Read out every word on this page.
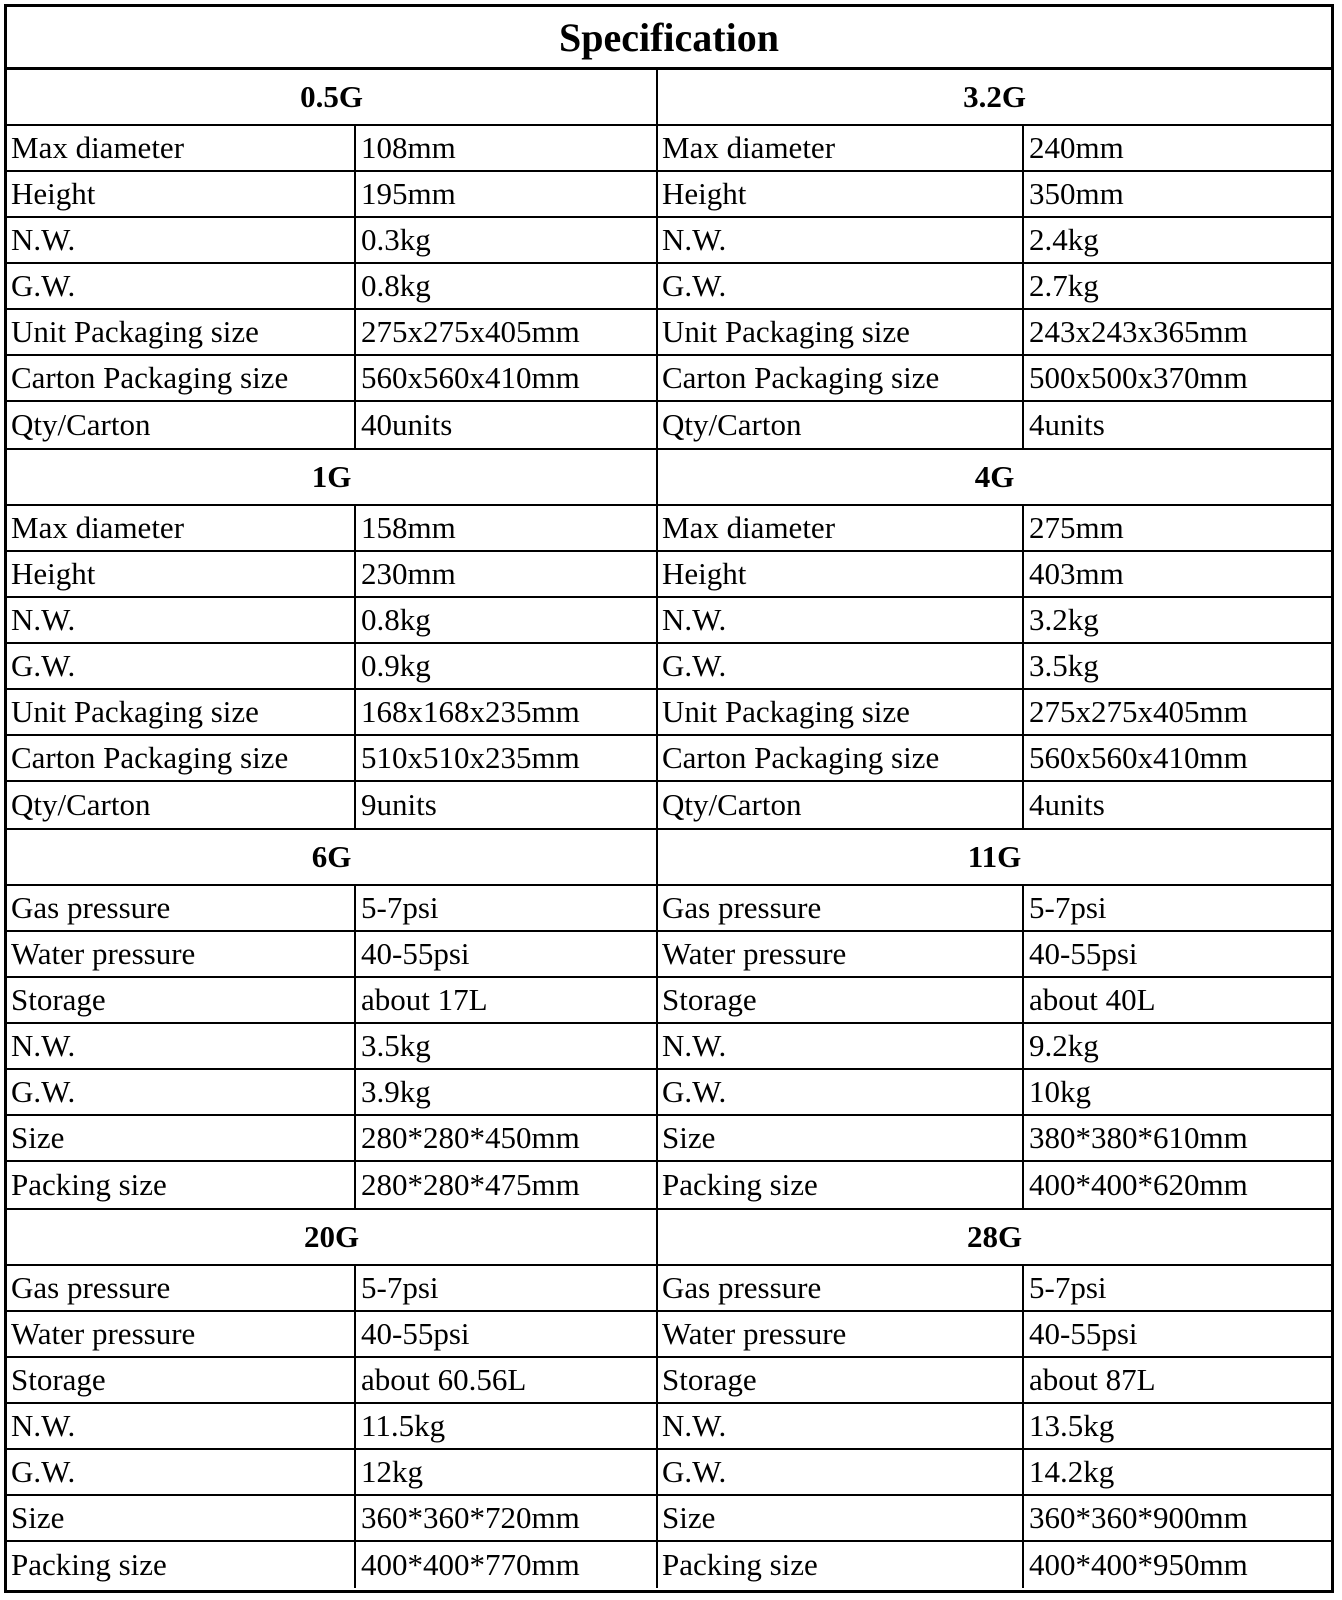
Specification
0.5G
Max diameter	108mm
Height	195mm
N.W.	0.3kg
G.W.	0.8kg
Unit Packaging size	275x275x405mm
Carton Packaging size	560x560x410mm
Qty/Carton	40units
3.2G
Max diameter	240mm
Height	350mm
N.W.	2.4kg
G.W.	2.7kg
Unit Packaging size	243x243x365mm
Carton Packaging size	500x500x370mm
Qty/Carton	4units
1G
Max diameter	158mm
Height	230mm
N.W.	0.8kg
G.W.	0.9kg
Unit Packaging size	168x168x235mm
Carton Packaging size	510x510x235mm
Qty/Carton	9units
4G
Max diameter	275mm
Height	403mm
N.W.	3.2kg
G.W.	3.5kg
Unit Packaging size	275x275x405mm
Carton Packaging size	560x560x410mm
Qty/Carton	4units
6G
Gas pressure	5-7psi
Water pressure	40-55psi
Storage	about 17L
N.W.	3.5kg
G.W.	3.9kg
Size	280*280*450mm
Packing size	280*280*475mm
11G
Gas pressure	5-7psi
Water pressure	40-55psi
Storage	about 40L
N.W.	9.2kg
G.W.	10kg
Size	380*380*610mm
Packing size	400*400*620mm
20G
Gas pressure	5-7psi
Water pressure	40-55psi
Storage	about 60.56L
N.W.	11.5kg
G.W.	12kg
Size	360*360*720mm
Packing size	400*400*770mm
28G
Gas pressure	5-7psi
Water pressure	40-55psi
Storage	about 87L
N.W.	13.5kg
G.W.	14.2kg
Size	360*360*900mm
Packing size	400*400*950mm
